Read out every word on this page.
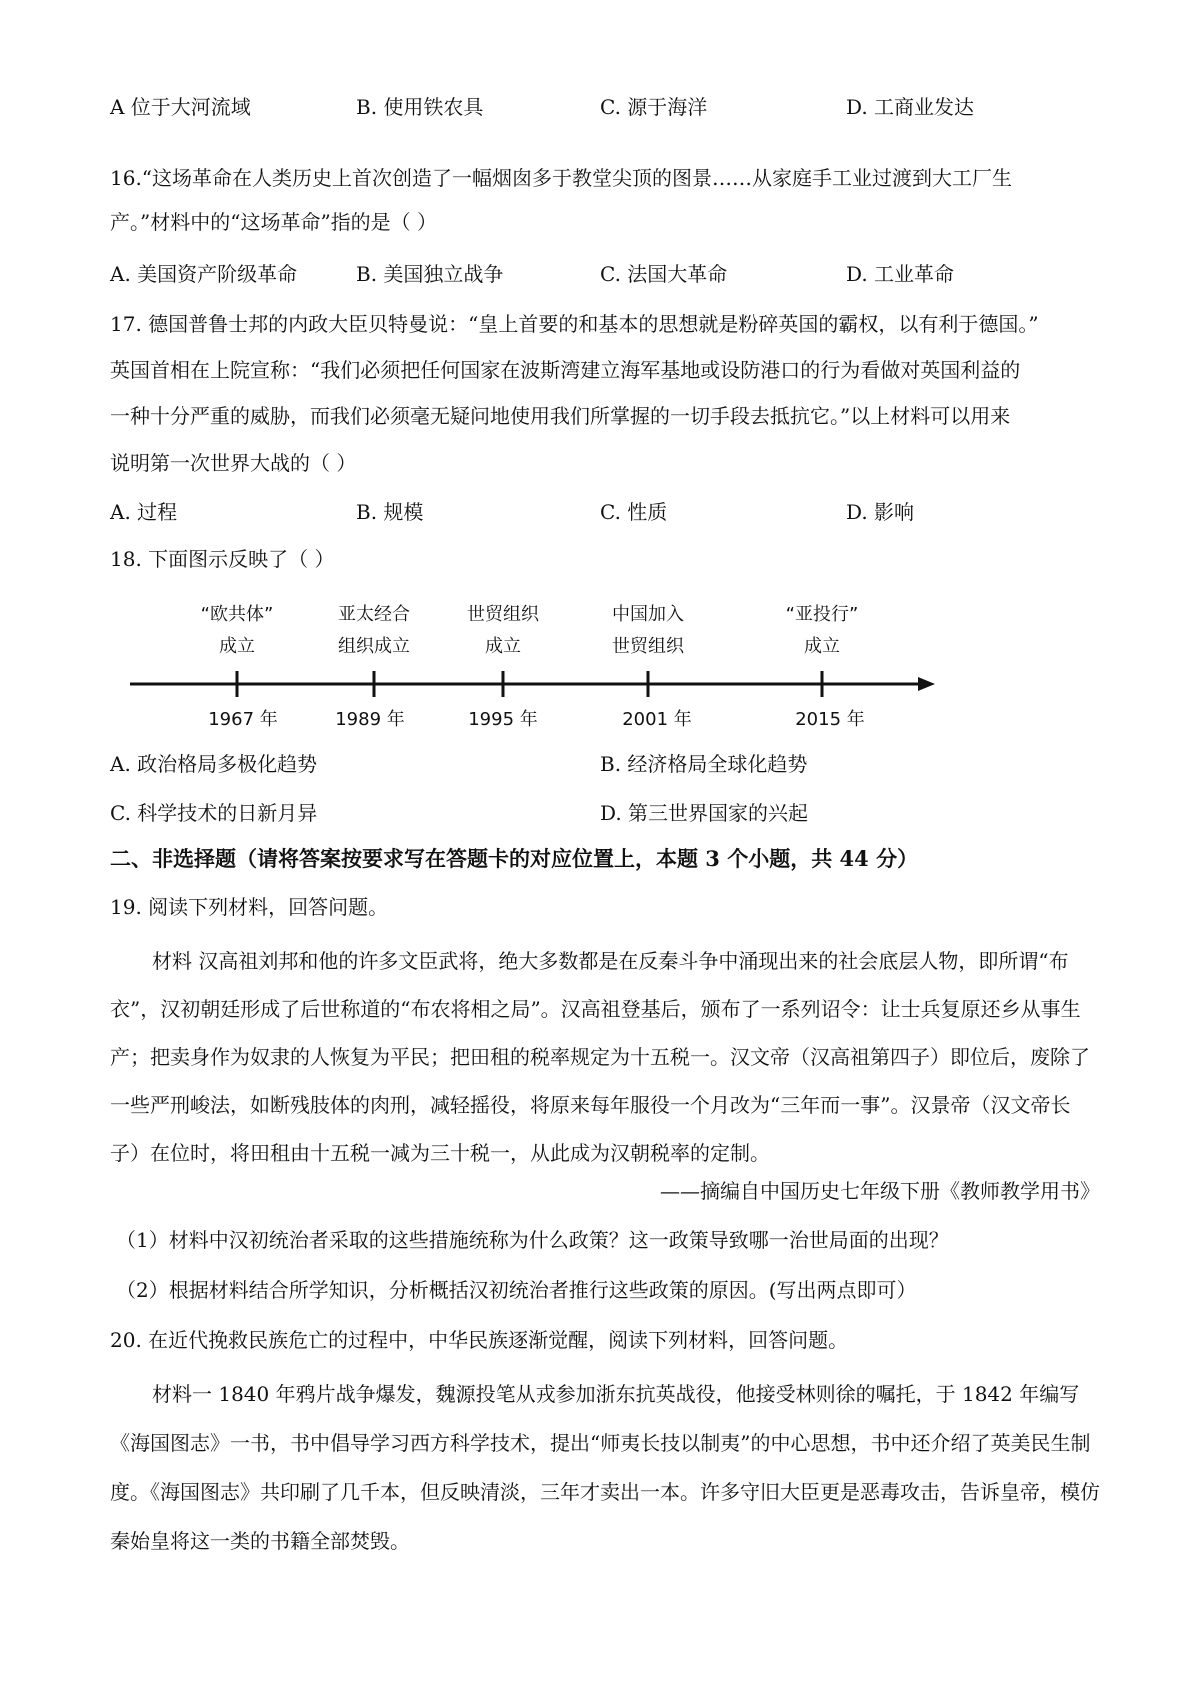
A 位于大河流域	B. 使用铁农具	C. 源于海洋	D. 工商业发达
16.“这场革命在人类历史上首次创造了一幅烟囱多于教堂尖顶的图景……从家庭手工业过渡到大工厂生
产。”材料中的“这场革命”指的是（ ）
A. 美国资产阶级革命	B. 美国独立战争	C. 法国大革命	D. 工业革命
17. 德国普鲁士邦的内政大臣贝特曼说：“皇上首要的和基本的思想就是粉碎英国的霸权，以有利于德国。”
英国首相在上院宣称：“我们必须把任何国家在波斯湾建立海军基地或设防港口的行为看做对英国利益的
一种十分严重的威胁，而我们必须毫无疑问地使用我们所掌握的一切手段去抵抗它。”以上材料可以用来
说明第一次世界大战的（ ）
A. 过程	B. 规模	C. 性质	D. 影响
18. 下面图示反映了（ ）
“欧共体”
成立
1967 年
亚太经合
组织成立
1989 年
世贸组织
成立
1995 年
中国加入
世贸组织
2001 年
“亚投行”
成立
2015 年
A. 政治格局多极化趋势	B. 经济格局全球化趋势
C. 科学技术的日新月异	D. 第三世界国家的兴起
二、非选择题（请将答案按要求写在答题卡的对应位置上，本题 3 个小题，共 44 分）
19. 阅读下列材料，回答问题。
材料 汉高祖刘邦和他的许多文臣武将，绝大多数都是在反秦斗争中涌现出来的社会底层人物，即所谓“布衣”，汉初朝廷形成了后世称道的“布农将相之局”。汉高祖登基后，颁布了一系列诏令：让士兵复原还乡从事生产；把卖身作为奴隶的人恢复为平民；把田租的税率规定为十五税一。汉文帝（汉高祖第四子）即位后，废除了一些严刑峻法，如断残肢体的肉刑，减轻摇役，将原来每年服役一个月改为“三年而一事”。汉景帝（汉文帝长子）在位时，将田租由十五税一减为三十税一，从此成为汉朝税率的定制。
——摘编自中国历史七年级下册《教师教学用书》
（1）材料中汉初统治者采取的这些措施统称为什么政策？这一政策导致哪一治世局面的出现？
（2）根据材料结合所学知识，分析概括汉初统治者推行这些政策的原因。(写出两点即可）
20. 在近代挽救民族危亡的过程中，中华民族逐渐觉醒，阅读下列材料，回答问题。
材料一 1840 年鸦片战争爆发，魏源投笔从戎参加浙东抗英战役，他接受林则徐的嘱托，于 1842 年编写《海国图志》一书，书中倡导学习西方科学技术，提出“师夷长技以制夷”的中心思想，书中还介绍了英美民生制度。《海国图志》共印刷了几千本，但反映清淡，三年才卖出一本。许多守旧大臣更是恶毒攻击，告诉皇帝，模仿秦始皇将这一类的书籍全部焚毁。
